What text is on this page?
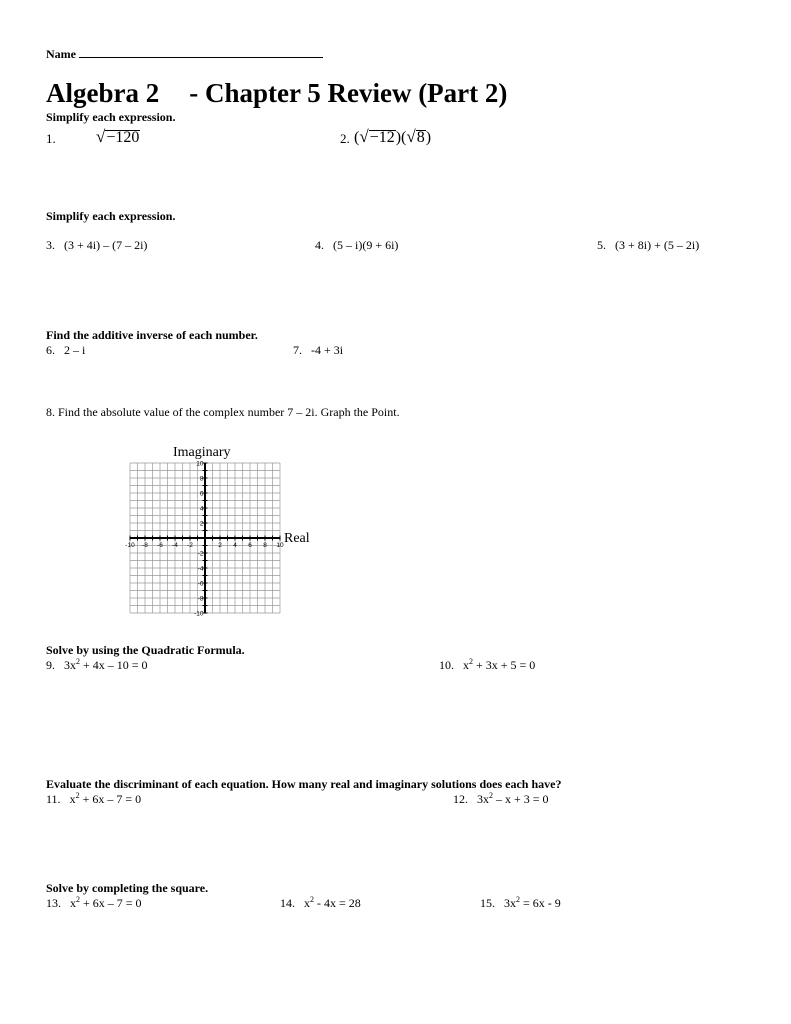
Name
Algebra 2 - Chapter 5 Review (Part 2)
Simplify each expression.
1. √−120	2. (√−12)(√8)
Simplify each expression.
3. (3 + 4i) – (7 – 2i)	4. (5 – i)(9 + 6i)	5. (3 + 8i) + (5 – 2i)
Find the additive inverse of each number.
6. 2 – i	7. -4 + 3i
8. Find the absolute value of the complex number 7 – 2i. Graph the Point.
-10 -8 -6 -4 -2	2 4 6 8 10
10
8
6
4
2
-2
-4
-6
-8
-10
Imaginary
Real
Solve by using the Quadratic Formula.
9. $3x^2 + 4x - 10 = 0$	10. $x^2 + 3x + 5 = 0$
Evaluate the discriminant of each equation. How many real and imaginary solutions does each have?
11. $x^2 + 6x - 7 = 0$	12. $3x^2 - x + 3 = 0$
Solve by completing the square.
13. $x^2 + 6x - 7 = 0$	14. $x^2 - 4x = 28$	15. $3x^2 = 6x - 9$
